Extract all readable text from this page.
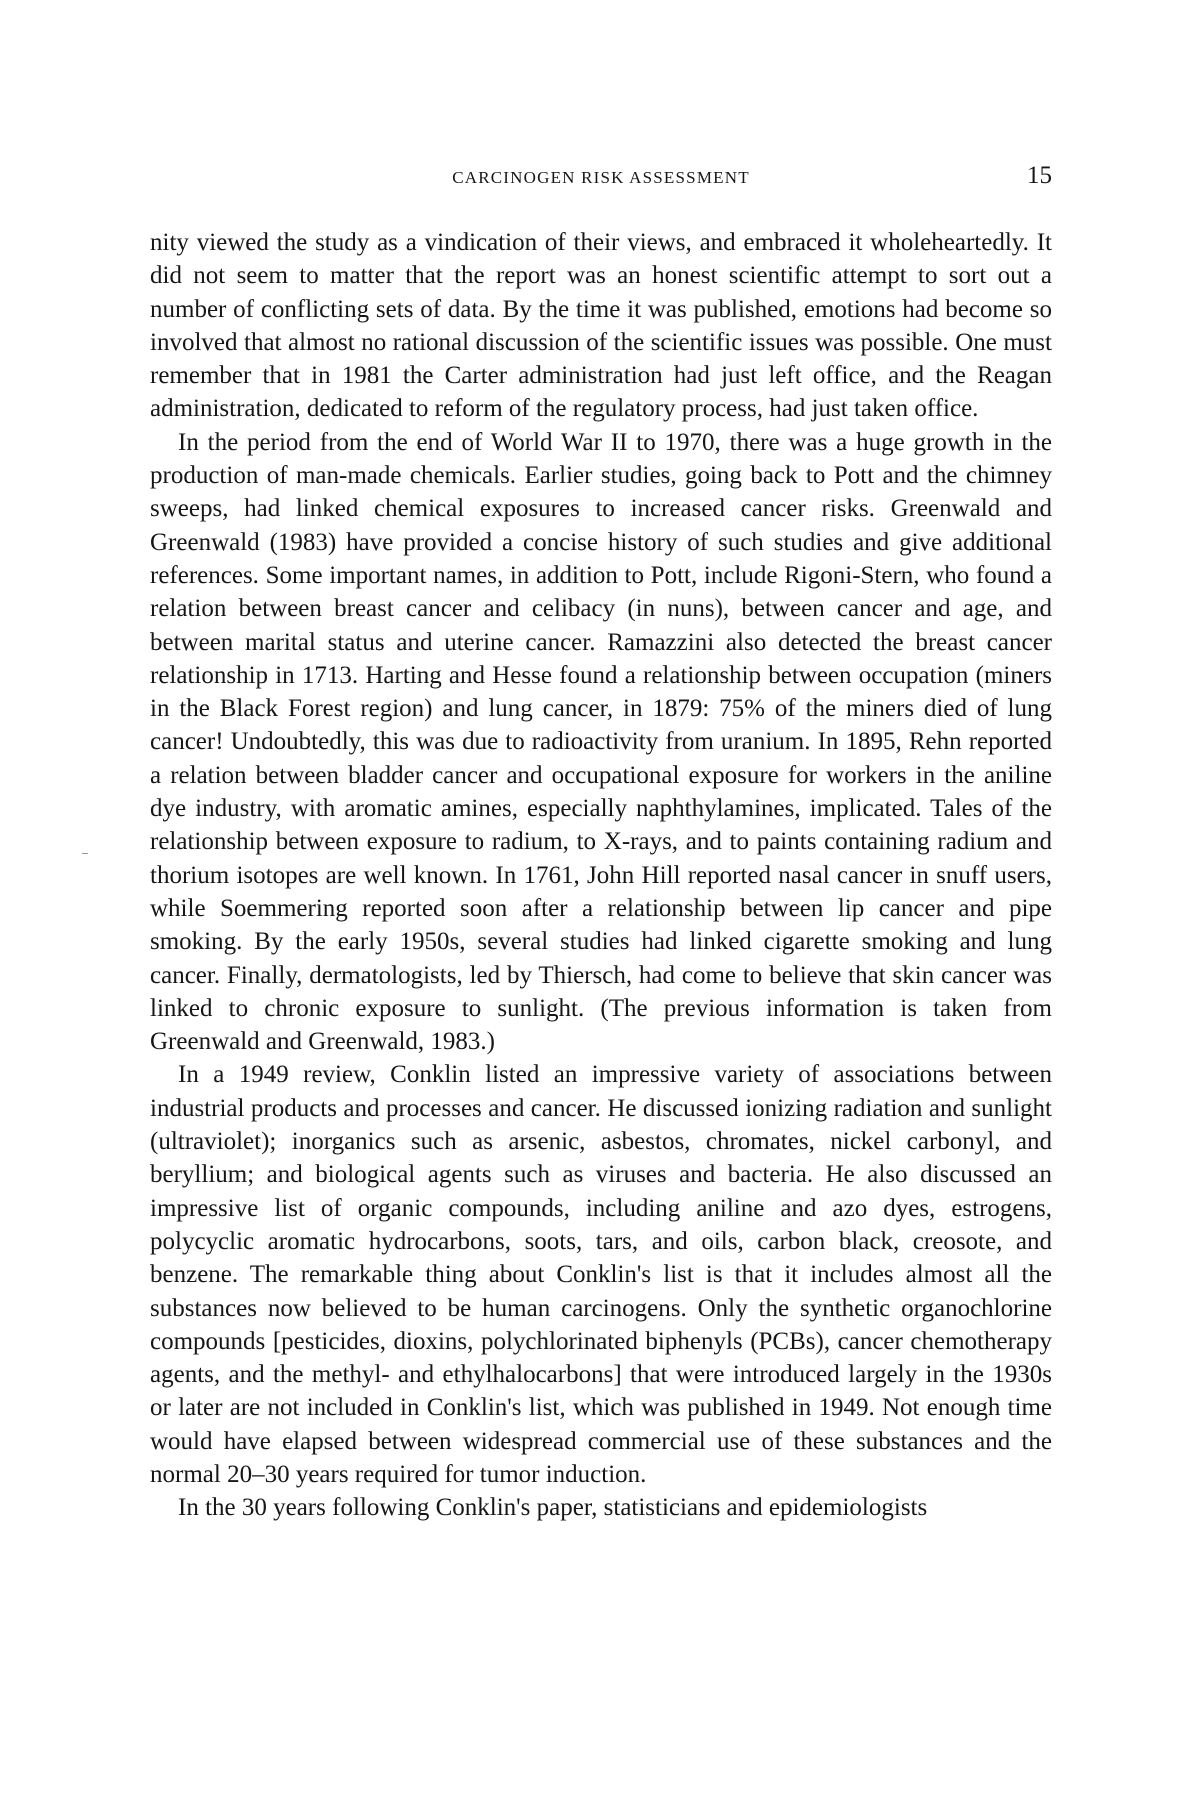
CARCINOGEN RISK ASSESSMENT	15

nity viewed the study as a vindication of their views, and embraced it wholeheartedly. It did not seem to matter that the report was an honest scientific attempt to sort out a number of conflicting sets of data. By the time it was published, emotions had become so involved that almost no rational discussion of the scientific issues was possible. One must remember that in 1981 the Carter administration had just left office, and the Reagan administration, dedicated to reform of the regulatory process, had just taken office.

In the period from the end of World War II to 1970, there was a huge growth in the production of man-made chemicals. Earlier studies, going back to Pott and the chimney sweeps, had linked chemical exposures to increased cancer risks. Greenwald and Greenwald (1983) have provided a concise history of such studies and give additional references. Some important names, in addition to Pott, include Rigoni-Stern, who found a relation between breast cancer and celibacy (in nuns), between cancer and age, and between marital status and uterine cancer. Ramazzini also detected the breast cancer relationship in 1713. Harting and Hesse found a relationship between occupation (miners in the Black Forest region) and lung cancer, in 1879: 75% of the miners died of lung cancer! Undoubtedly, this was due to radioactivity from uranium. In 1895, Rehn reported a relation between bladder cancer and occupational exposure for workers in the aniline dye industry, with aromatic amines, especially naphthylamines, implicated. Tales of the relationship between exposure to radium, to X-rays, and to paints containing radium and thorium isotopes are well known. In 1761, John Hill reported nasal cancer in snuff users, while Soemmering reported soon after a relationship between lip cancer and pipe smoking. By the early 1950s, several studies had linked cigarette smoking and lung cancer. Finally, dermatologists, led by Thiersch, had come to believe that skin cancer was linked to chronic exposure to sunlight. (The previous information is taken from Greenwald and Greenwald, 1983.)

In a 1949 review, Conklin listed an impressive variety of associations between industrial products and processes and cancer. He discussed ionizing radiation and sunlight (ultraviolet); inorganics such as arsenic, asbestos, chromates, nickel carbonyl, and beryllium; and biological agents such as viruses and bacteria. He also discussed an impressive list of organic compounds, including aniline and azo dyes, estrogens, polycyclic aromatic hydrocarbons, soots, tars, and oils, carbon black, creosote, and benzene. The remarkable thing about Conklin's list is that it includes almost all the substances now believed to be human carcinogens. Only the synthetic organochlorine compounds [pesticides, dioxins, polychlorinated biphenyls (PCBs), cancer chemotherapy agents, and the methyl- and ethylhalocarbons] that were introduced largely in the 1930s or later are not included in Conklin's list, which was published in 1949. Not enough time would have elapsed between widespread commercial use of these substances and the normal 20–30 years required for tumor induction.

In the 30 years following Conklin's paper, statisticians and epidemiologists
